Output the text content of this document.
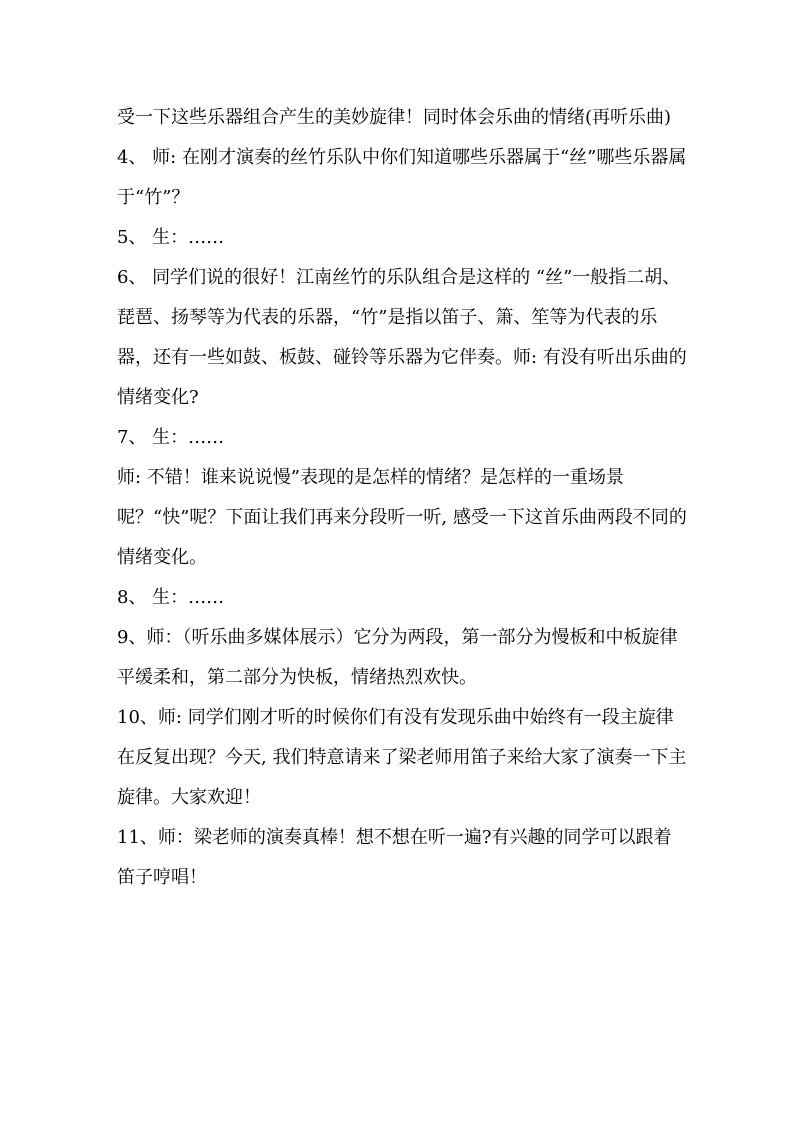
受一下这些乐器组合产生的美妙旋律！同时体会乐曲的情绪(再听乐曲)

4、 师: 在刚才演奏的丝竹乐队中你们知道哪些乐器属于“丝”哪些乐器属于“竹”？

5、 生：……

6、 同学们说的很好！江南丝竹的乐队组合是这样的 “丝”一般指二胡、琵琶、扬琴等为代表的乐器，“竹”是指以笛子、箫、笙等为代表的乐器，还有一些如鼓、板鼓、碰铃等乐器为它伴奏。师: 有没有听出乐曲的情绪变化?

7、 生：……

师: 不错！谁来说说慢”表现的是怎样的情绪？是怎样的一重场景呢？“快”呢？下面让我们再来分段听一听, 感受一下这首乐曲两段不同的情绪变化。

8、 生：……

9、师：（听乐曲多媒体展示）它分为两段，第一部分为慢板和中板旋律平缓柔和，第二部分为快板，情绪热烈欢快。

10、师: 同学们刚才听的时候你们有没有发现乐曲中始终有一段主旋律在反复出现？今天, 我们特意请来了梁老师用笛子来给大家了演奏一下主旋律。大家欢迎！

11、师：梁老师的演奏真棒！想不想在听一遍?有兴趣的同学可以跟着笛子哼唱！
